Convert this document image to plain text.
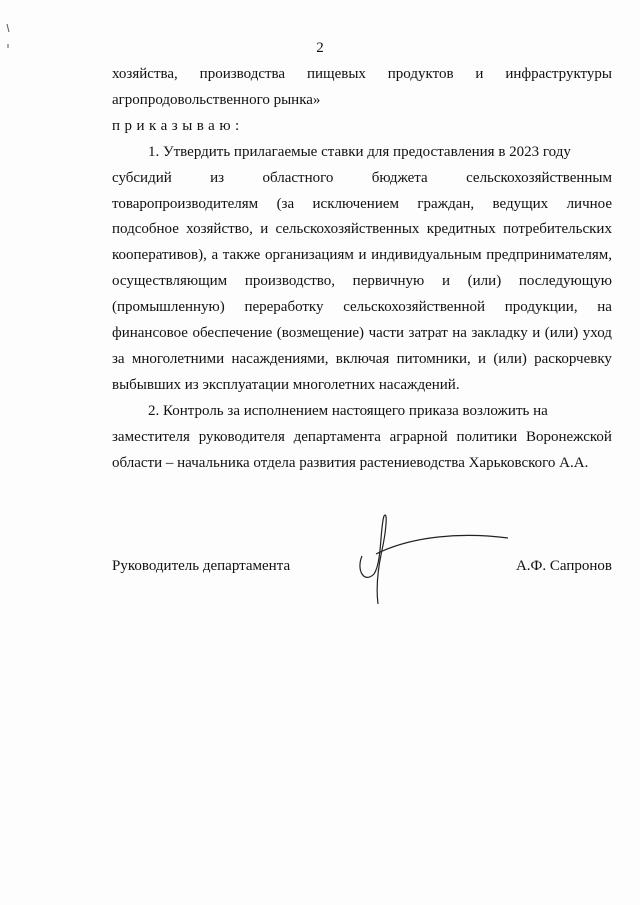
2

хозяйства, производства пищевых продуктов и инфраструктуры

агропродовольственного рынка»

приказываю:

1. Утвердить прилагаемые ставки для предоставления в 2023 году

субсидий	из	областного	бюджета	сельскохозяйственным

товаропроизводителям (за исключением граждан, ведущих личное

подсобное хозяйство, и сельскохозяйственных кредитных потребительских

кооперативов), а также организациям и индивидуальным предпринимателям,

осуществляющим производство, первичную и (или) последующую

(промышленную) переработку сельскохозяйственной продукции, на

финансовое обеспечение (возмещение) части затрат на закладку и (или) уход

за многолетними насаждениями, включая питомники, и (или) раскорчевку

выбывших из эксплуатации многолетних насаждений.

2. Контроль за исполнением настоящего приказа возложить на

заместителя руководителя департамента аграрной политики Воронежской

области – начальника отдела развития растениеводства Харьковского А.А.

Руководитель департамента	А.Ф. Сапронов
